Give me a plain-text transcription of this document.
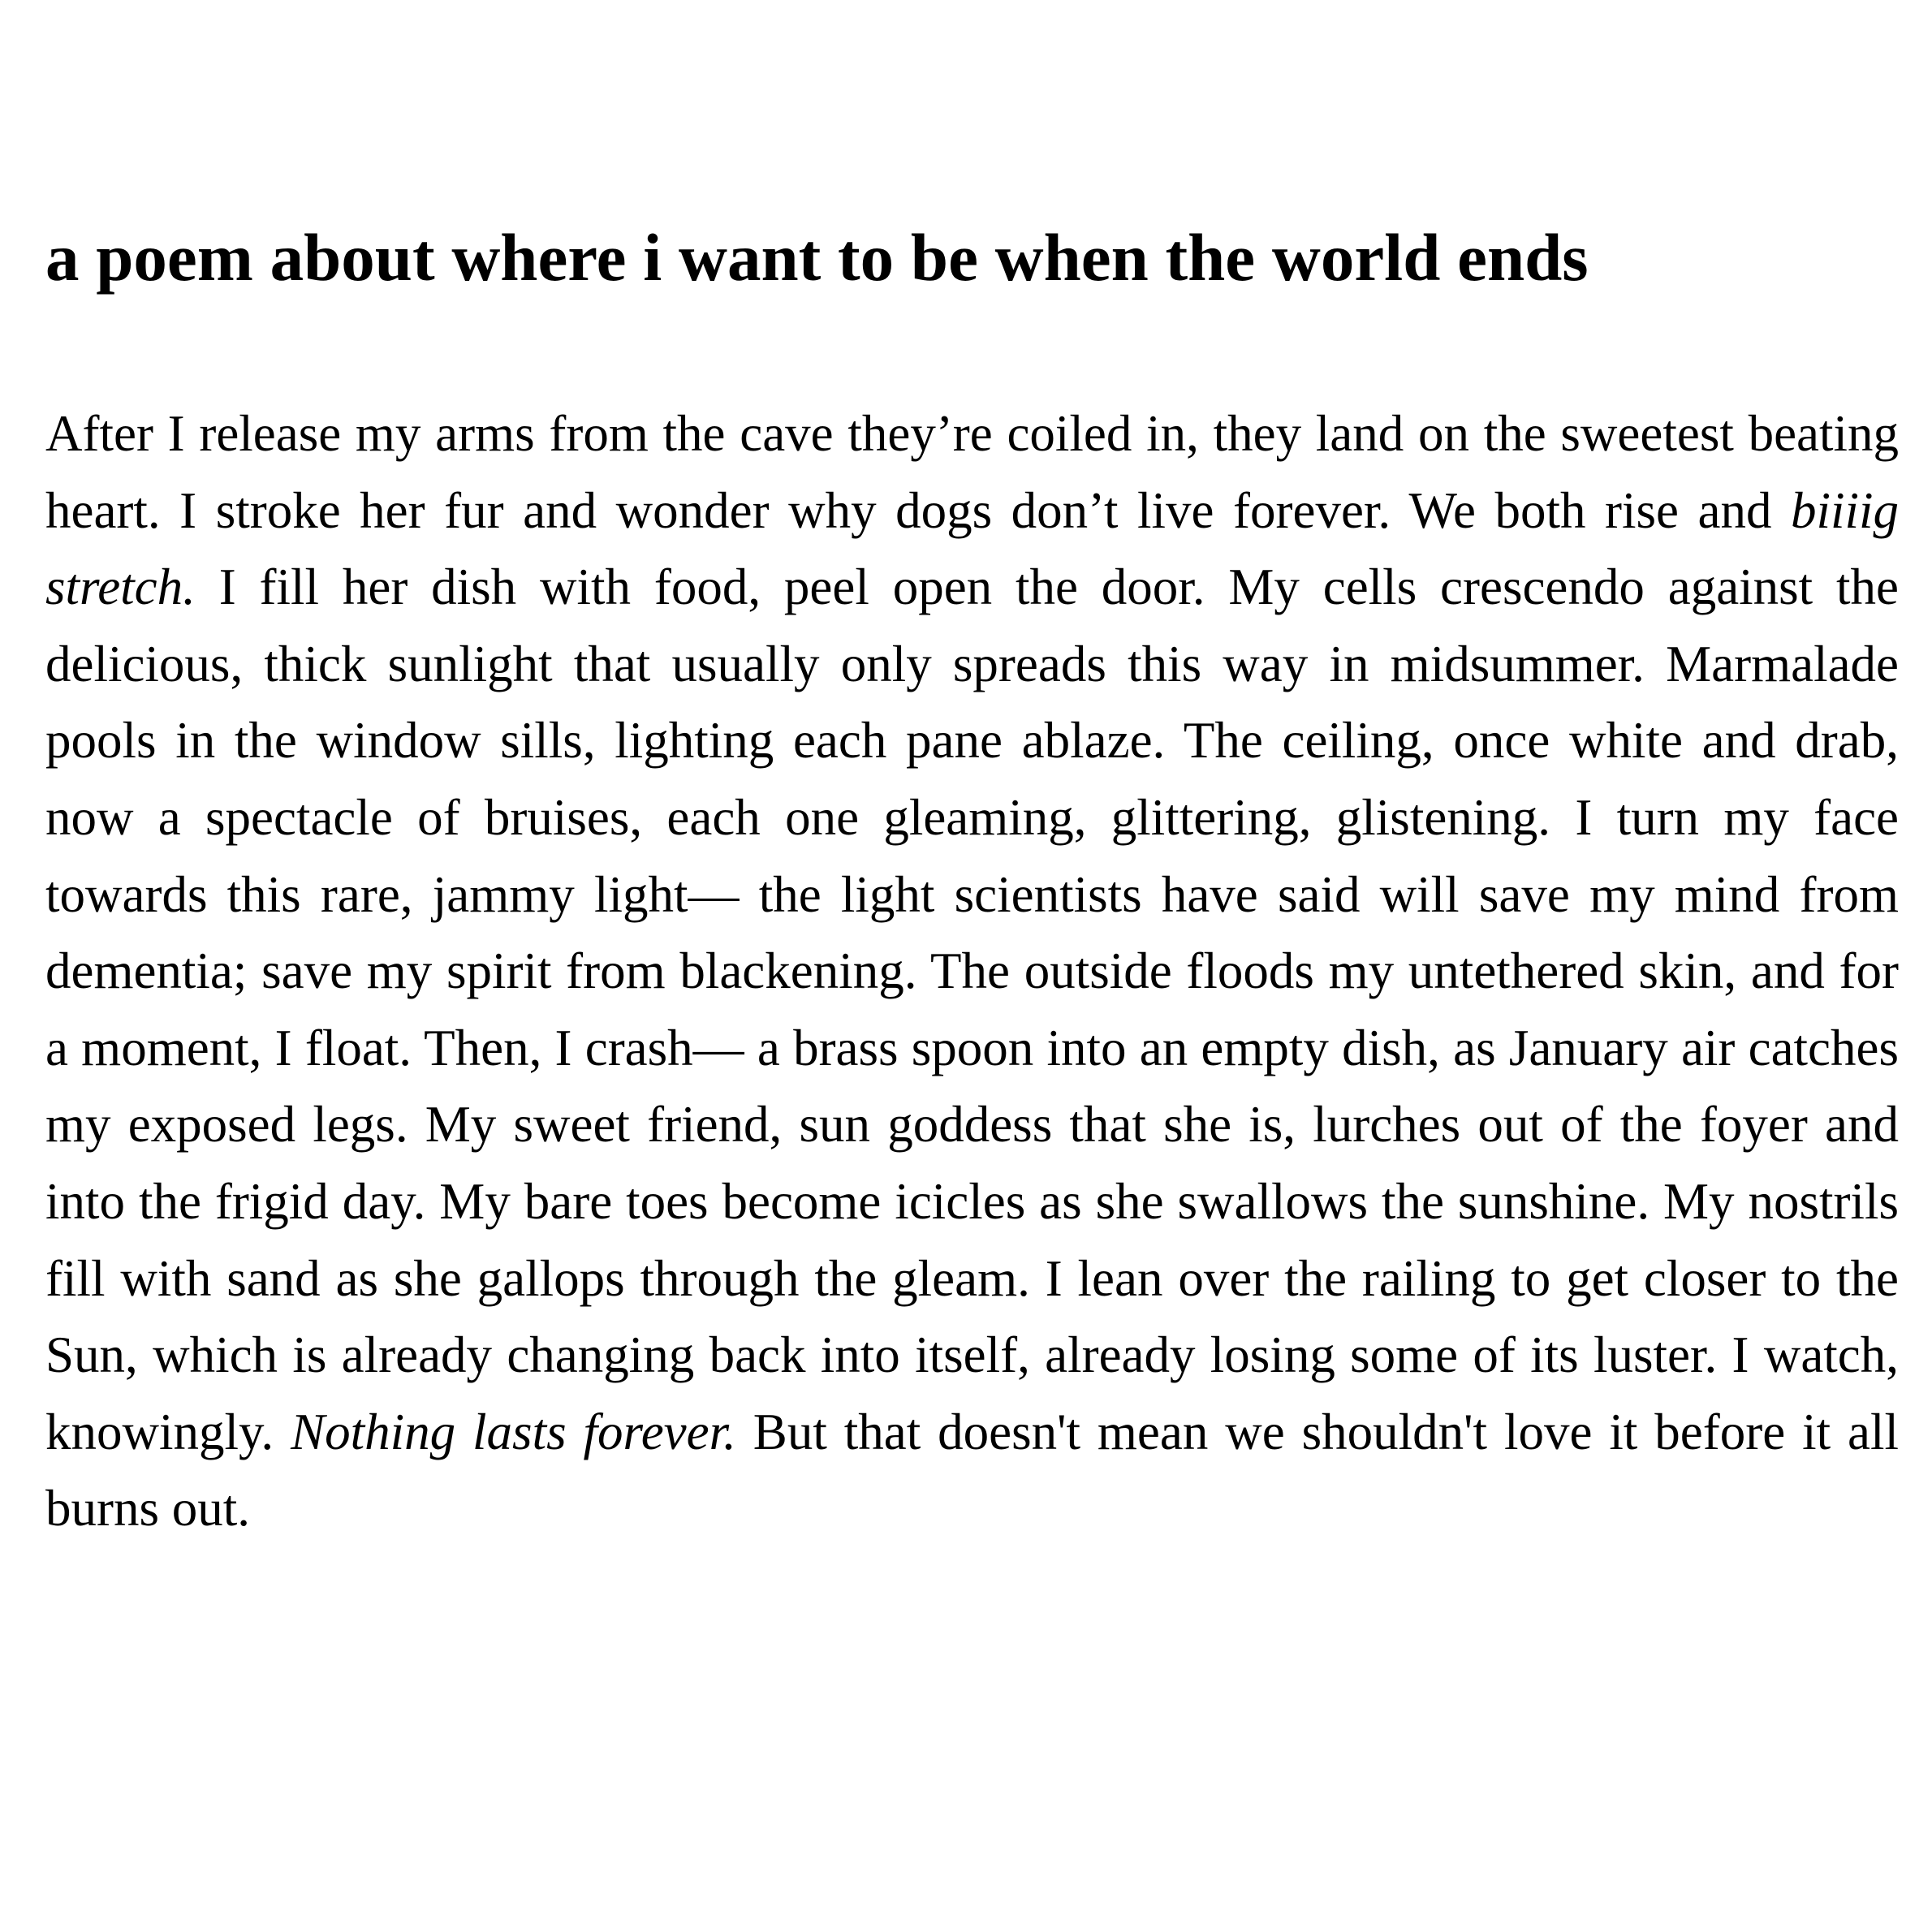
a poem about where i want to be when the world ends

After I release my arms from the cave they’re coiled in, they land on the sweetest beating heart. I stroke her fur and wonder why dogs don’t live forever. We both rise and biiiig stretch. I fill her dish with food, peel open the door. My cells crescendo against the delicious, thick sunlight that usually only spreads this way in midsummer. Marmalade pools in the window sills, lighting each pane ablaze. The ceiling, once white and drab, now a spectacle of bruises, each one gleaming, glittering, glistening. I turn my face towards this rare, jammy light— the light scientists have said will save my mind from dementia; save my spirit from blackening. The outside floods my untethered skin, and for a moment, I float. Then, I crash— a brass spoon into an empty dish, as January air catches my exposed legs. My sweet friend, sun goddess that she is, lurches out of the foyer and into the frigid day. My bare toes become icicles as she swallows the sunshine. My nostrils fill with sand as she gallops through the gleam. I lean over the railing to get closer to the Sun, which is already changing back into itself, already losing some of its luster. I watch, knowingly. Nothing lasts forever. But that doesn't mean we shouldn't love it before it all burns out.
